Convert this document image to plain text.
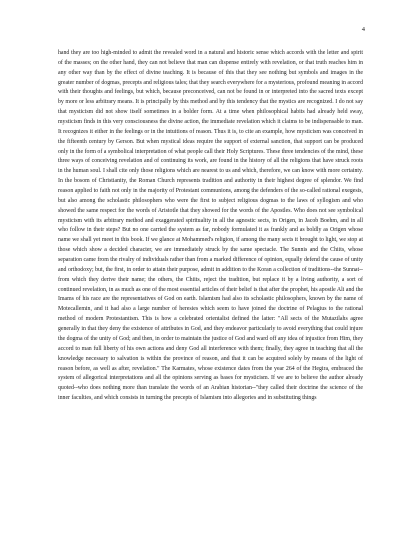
4

hand they are too high-minded to admit the revealed word in a natural and historic sense which accords with the letter and spirit of the masses; on the other hand, they can not believe that man can dispense entirely with revelation, or that truth reaches him in any other way than by the effect of divine teaching. It is because of this that they see nothing but symbols and images in the greater number of dogmas, precepts and religious tales; that they search everywhere for a mysterious, profound meaning in accord with their thoughts and feelings, but which, because preconceived, can not be found in or interpreted into the sacred texts except by more or less arbitrary means. It is principally by this method and by this tendency that the mystics are recognized. I do not say that mysticism did not show itself sometimes in a bolder form. At a time when philosophical habits had already held sway, mysticism finds in this very consciousness the divine action, the immediate revelation which it claims to be indispensable to man. It recognizes it either in the feelings or in the intuitions of reason. Thus it is, to cite an example, how mysticism was conceived in the fifteenth century by Gerson. But when mystical ideas require the support of external sanction, that support can be produced only in the form of a symbolical interpretation of what people call their Holy Scriptures. These three tendencies of the mind, these three ways of conceiving revelation and of continuing its work, are found in the history of all the religions that have struck roots in the human soul. I shall cite only those religions which are nearest to us and which, therefore, we can know with more certainty. In the bosom of Christianity, the Roman Church represents tradition and authority in their highest degree of splendor. We find reason applied to faith not only in the majority of Protestant communions, among the defenders of the so-called rational exegesis, but also among the scholastic philosophers who were the first to subject religious dogmas to the laws of syllogism and who showed the same respect for the words of Aristotle that they showed for the words of the Apostles. Who does not see symbolical mysticism with its arbitrary method and exaggerated spirituality in all the agnostic sects, in Origen, in Jacob Boehm, and in all who follow in their steps? But no one carried the system as far, nobody formulated it as frankly and as boldly as Origen whose name we shall yet meet in this book. If we glance at Mohammed's religion, if among the many sects it brought to light, we stop at those which show a decided character, we are immediately struck by the same spectacle. The Sunnis and the Chiits, whose separation came from the rivalry of individuals rather than from a marked difference of opinion, equally defend the cause of unity and orthodoxy; but, the first, in order to attain their purpose, admit in addition to the Koran a collection of traditions--the Sunnat--from which they derive their name; the others, the Chiits, reject the tradition, but replace it by a living authority, a sort of continued revelation, in as much as one of the most essential articles of their belief is that after the prophet, his apostle Ali and the Imams of his race are the representatives of God on earth. Islamism had also its scholastic philosophers, known by the name of Motecallemin, and it had also a large number of heresies which seem to have joined the doctrine of Pelagius to the rational method of modern Protestantism. This is how a celebrated orientalist defined the latter: "All sects of the Mutazilahs agree generally in that they deny the existence of attributes in God, and they endeavor particularly to avoid everything that could injure the dogma of the unity of God; and then, in order to maintain the justice of God and ward off any idea of injustice from Him, they accord to man full liberty of his own actions and deny God all interference with them; finally, they agree in teaching that all the knowledge necessary to salvation is within the province of reason, and that it can be acquired solely by means of the light of reason before, as well as after, revelation." The Karmates, whose existence dates from the year 264 of the Hegira, embraced the system of allegorical interpretations and all the opinions serving as bases for mysticism. If we are to believe the author already quoted--who does nothing more than translate the words of an Arabian historian--"they called their doctrine the science of the inner faculties, and which consists in turning the precepts of Islamism into allegories and in substituting things
